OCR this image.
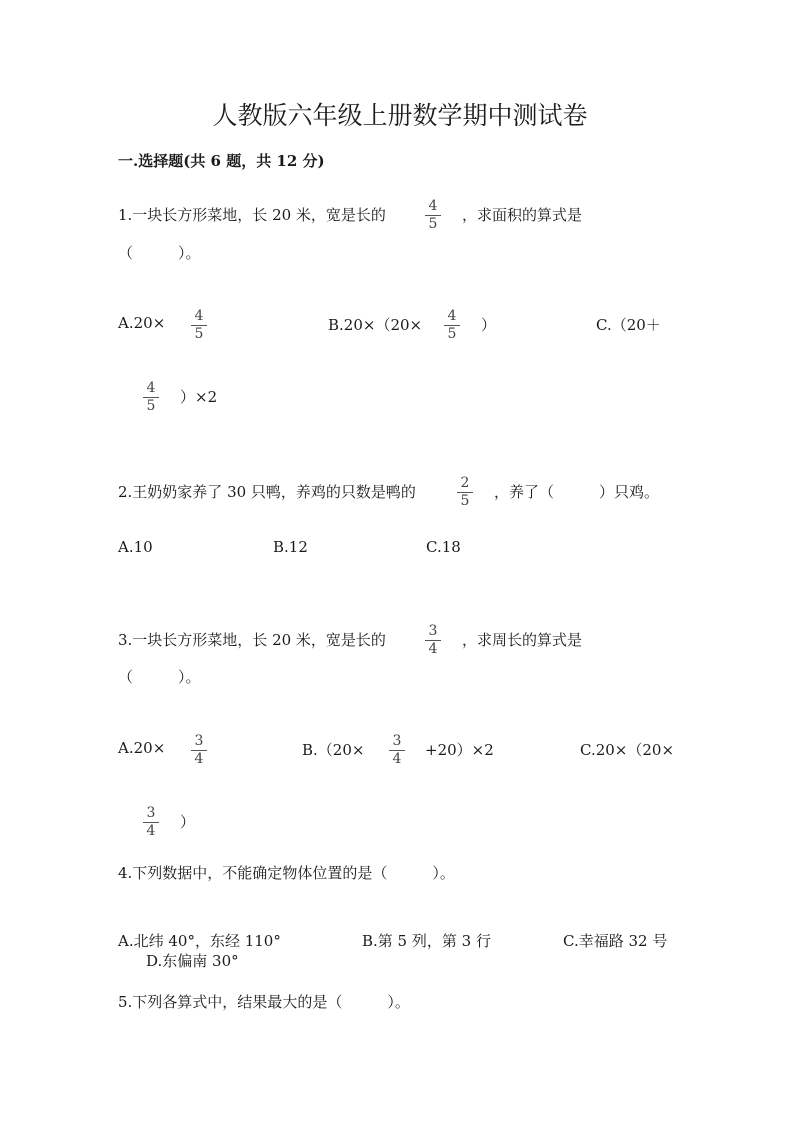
人教版六年级上册数学期中测试卷
一.选择题(共 6 题，共 12 分)
1.一块长方形菜地，长 20 米，宽是长的	4
5	，求面积的算式是
（　　　）。
A.20×	4
5	B.20×（20×	4
5	）	C.（20＋
4
5	）×2
2.王奶奶家养了 30 只鸭，养鸡的只数是鸭的	2
5	，养了（　　　）只鸡。
A.10	B.12	C.18
3.一块长方形菜地，长 20 米，宽是长的	3
4	，求周长的算式是
（　　　）。
A.20×	3
4	B.（20×	3
4	+20）×2	C.20×（20×
3
4	）
4.下列数据中，不能确定物体位置的是（　　　）。
A.北纬 40°，东经 110°	B.第 5 列，第 3 行	C.幸福路 32 号
D.东偏南 30°
5.下列各算式中，结果最大的是（　　　）。
